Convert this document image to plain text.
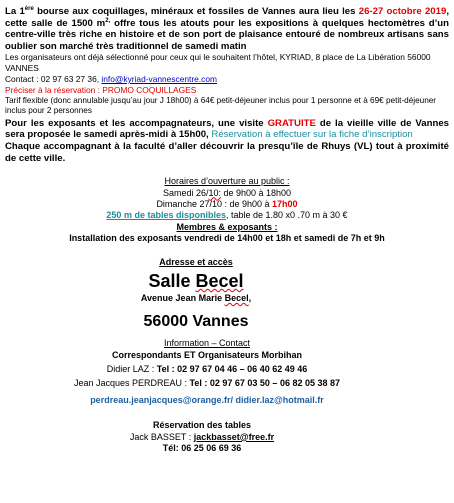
La 1ère bourse aux coquillages, minéraux et fossiles de Vannes aura lieu les 26-27 octobre 2019, cette salle de 1500 $m^{2,}$ offre tous les atouts pour les expositions à quelques hectomètres d’un centre-ville très riche en histoire et de son port de plaisance entouré de nombreux artisans sans oublier son marché très traditionnel de samedi matin

Les organisateurs ont déjà sélectionné pour ceux qui le souhaitent l’hôtel, KYRIAD, 8 place de La Libération 56000 VANNES

Contact : 02 97 63 27 36, info@kyriad-vannescentre.com

Préciser à la réservation : PROMO COQUILLAGES

Tarif flexible (donc annulable jusqu’au jour J 18h00) à 64€ petit-déjeuner inclus pour 1 personne et à 69€ petit-déjeuner inclus pour 2 personnes

Pour les exposants et les accompagnateurs, une visite GRATUITE de la vieille ville de Vannes sera proposée le samedi après-midi à 15h00, Réservation à effectuer sur la fiche d’inscription
Chaque accompagnant à la faculté d’aller découvrir la presqu’île de Rhuys (VL) tout à proximité de cette ville.

Horaires d’ouverture au public :
Samedi 26/10: de 9h00 à 18h00
Dimanche 27/10 : de 9h00 à 17h00
250 m de tables disponibles, table de 1.80 x0 .70 m à 30 €
Membres & exposants :
Installation des exposants vendredi de 14h00 et 18h et samedi de 7h et 9h
Adresse et accès
Salle Becel
Avenue Jean Marie Becel,
56000 Vannes
Information – Contact
Correspondants ET Organisateurs Morbihan
Didier LAZ : Tel : 02 97 67 04 46 – 06 40 62 49 46
Jean Jacques PERDREAU : Tel : 02 97 67 03 50 – 06 82 05 38 87
perdreau.jeanjacques@orange.fr/ didier.laz@hotmail.fr
Réservation des tables
Jack BASSET : jackbasset@free.fr
Tél: 06 25 06 69 36
